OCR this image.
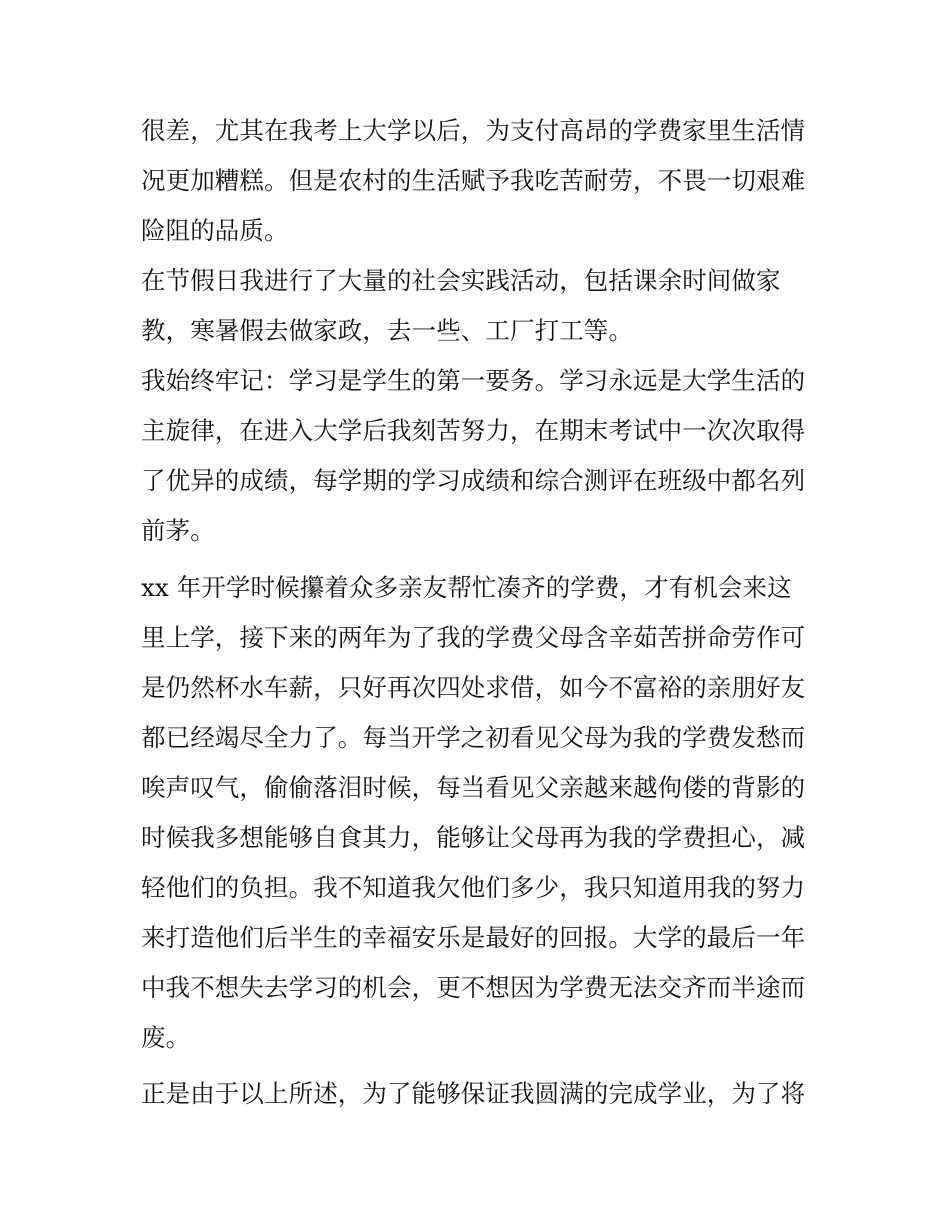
很差，尤其在我考上大学以后，为支付高昂的学费家里生活情
况更加糟糕。但是农村的生活赋予我吃苦耐劳，不畏一切艰难
险阻的品质。
在节假日我进行了大量的社会实践活动，包括课余时间做家
教，寒暑假去做家政，去一些、工厂打工等。
我始终牢记：学习是学生的第一要务。学习永远是大学生活的
主旋律，在进入大学后我刻苦努力，在期末考试中一次次取得
了优异的成绩，每学期的学习成绩和综合测评在班级中都名列
前茅。
xx 年开学时候攥着众多亲友帮忙凑齐的学费，才有机会来这
里上学，接下来的两年为了我的学费父母含辛茹苦拼命劳作可
是仍然杯水车薪，只好再次四处求借，如今不富裕的亲朋好友
都已经竭尽全力了。每当开学之初看见父母为我的学费发愁而
唉声叹气，偷偷落泪时候，每当看见父亲越来越佝偻的背影的
时候我多想能够自食其力，能够让父母再为我的学费担心，减
轻他们的负担。我不知道我欠他们多少，我只知道用我的努力
来打造他们后半生的幸福安乐是最好的回报。大学的最后一年
中我不想失去学习的机会，更不想因为学费无法交齐而半途而
废。
正是由于以上所述，为了能够保证我圆满的完成学业，为了将
